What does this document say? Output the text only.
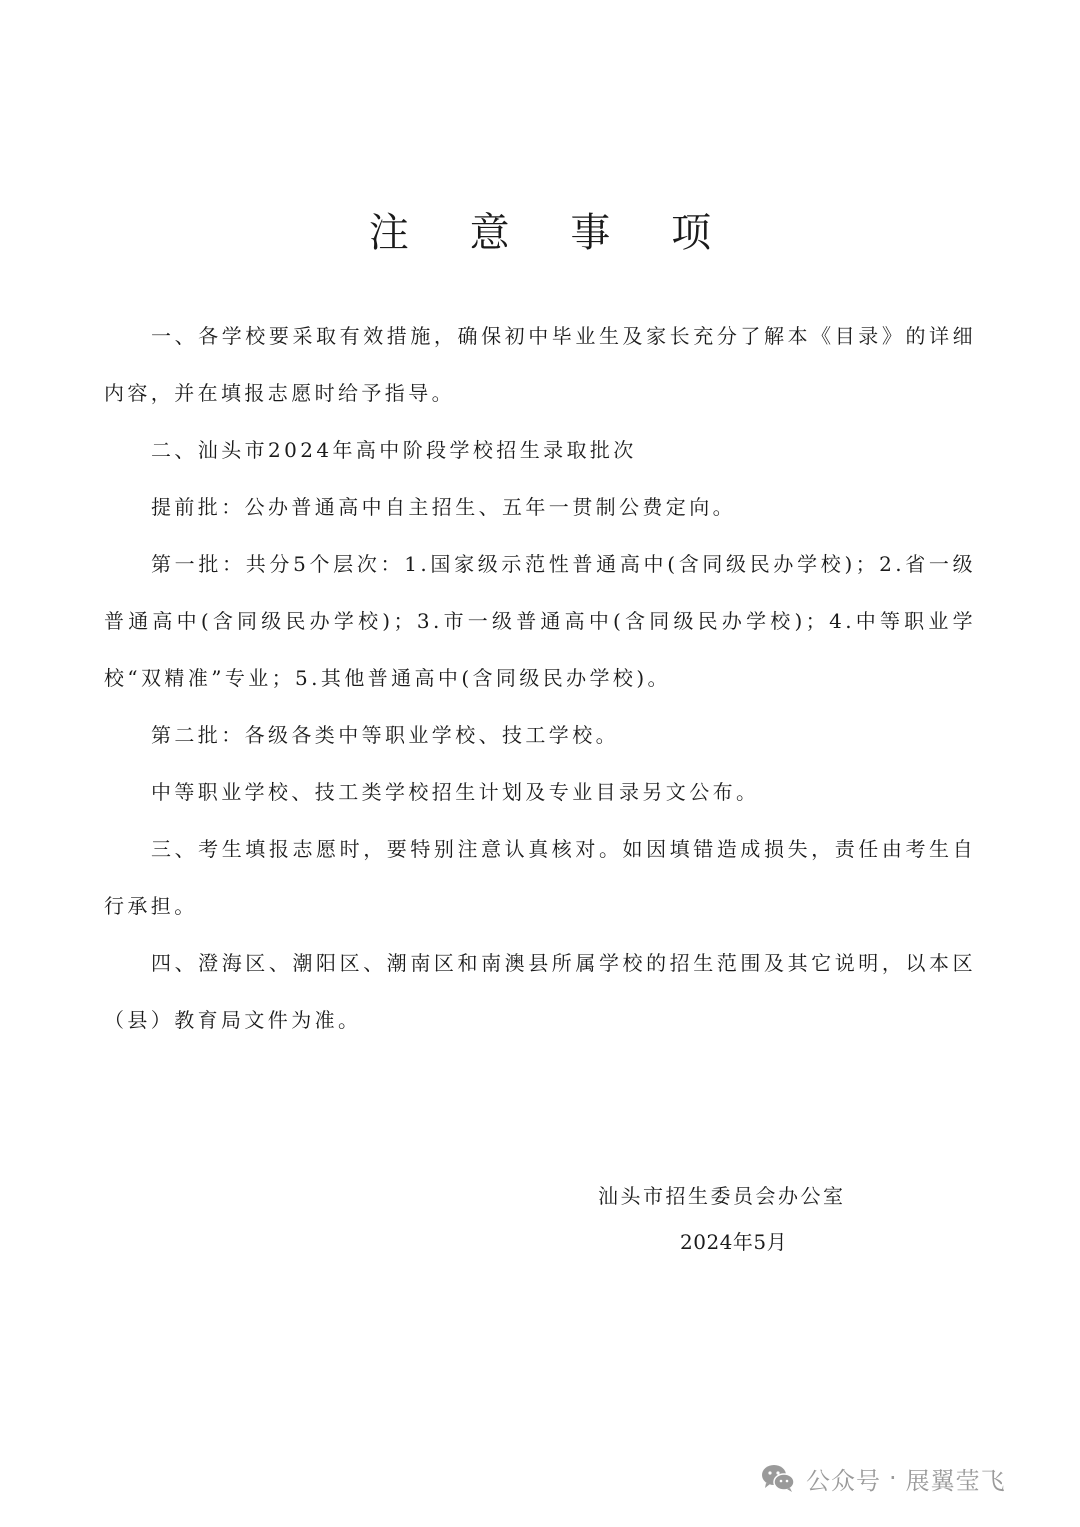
注 意 事 项

一、各学校要采取有效措施，确保初中毕业生及家长充分了解本《目录》的详细内容，并在填报志愿时给予指导。

二、汕头市2024年高中阶段学校招生录取批次

提前批：公办普通高中自主招生、五年一贯制公费定向。

第一批：共分5个层次：1.国家级示范性普通高中(含同级民办学校)；2.省一级普通高中(含同级民办学校)；3.市一级普通高中(含同级民办学校)；4.中等职业学校“双精准”专业；5.其他普通高中(含同级民办学校)。

第二批：各级各类中等职业学校、技工学校。

中等职业学校、技工类学校招生计划及专业目录另文公布。

三、考生填报志愿时，要特别注意认真核对。如因填错造成损失，责任由考生自行承担。

四、澄海区、潮阳区、潮南区和南澳县所属学校的招生范围及其它说明，以本区（县）教育局文件为准。

汕头市招生委员会办公室
2024年5月
公众号 · 展翼莹飞
